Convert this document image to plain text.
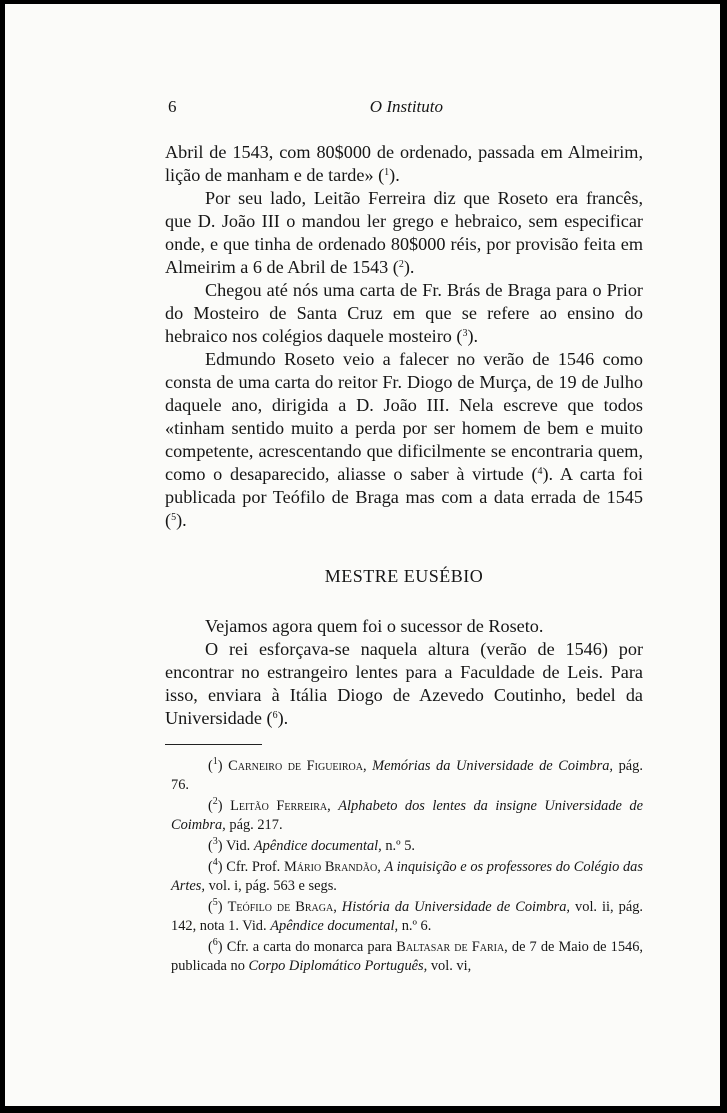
6	O Instituto

Abril de 1543, com 80$000 de ordenado, passada em Almeirim, lição de manham e de tarde» ($^1$).

Por seu lado, Leitão Ferreira diz que Roseto era francês, que D. João III o mandou ler grego e hebraico, sem especificar onde, e que tinha de ordenado 80$000 réis, por provisão feita em Almeirim a 6 de Abril de 1543 ($^2$).

Chegou até nós uma carta de Fr. Brás de Braga para o Prior do Mosteiro de Santa Cruz em que se refere ao ensino do hebraico nos colégios daquele mosteiro ($^3$).

Edmundo Roseto veio a falecer no verão de 1546 como consta de uma carta do reitor Fr. Diogo de Murça, de 19 de Julho daquele ano, dirigida a D. João III. Nela escreve que todos «tinham sentido muito a perda por ser homem de bem e muito competente, acrescentando que dificilmente se encontraria quem, como o desaparecido, aliasse o saber à virtude ($^4$). A carta foi publicada por Teófilo de Braga mas com a data errada de 1545 ($^5$).

MESTRE EUSÉBIO

Vejamos agora quem foi o sucessor de Roseto.

O rei esforçava-se naquela altura (verão de 1546) por encontrar no estrangeiro lentes para a Faculdade de Leis. Para isso, enviara à Itália Diogo de Azevedo Coutinho, bedel da Universidade ($^6$).

($^1$) Carneiro de Figueiroa, Memórias da Universidade de Coimbra, pág. 76.

($^2$) Leitão Ferreira, Alphabeto dos lentes da insigne Universidade de Coimbra, pág. 217.

($^3$) Vid. Apêndice documental, n.º 5.

($^4$) Cfr. Prof. Mário Brandão, A inquisição e os professores do Colégio das Artes, vol. i, pág. 563 e segs.

($^5$) Teófilo de Braga, História da Universidade de Coimbra, vol. ii, pág. 142, nota 1. Vid. Apêndice documental, n.º 6.

($^6$) Cfr. a carta do monarca para Baltasar de Faria, de 7 de Maio de 1546, publicada no Corpo Diplomático Português, vol. vi,
